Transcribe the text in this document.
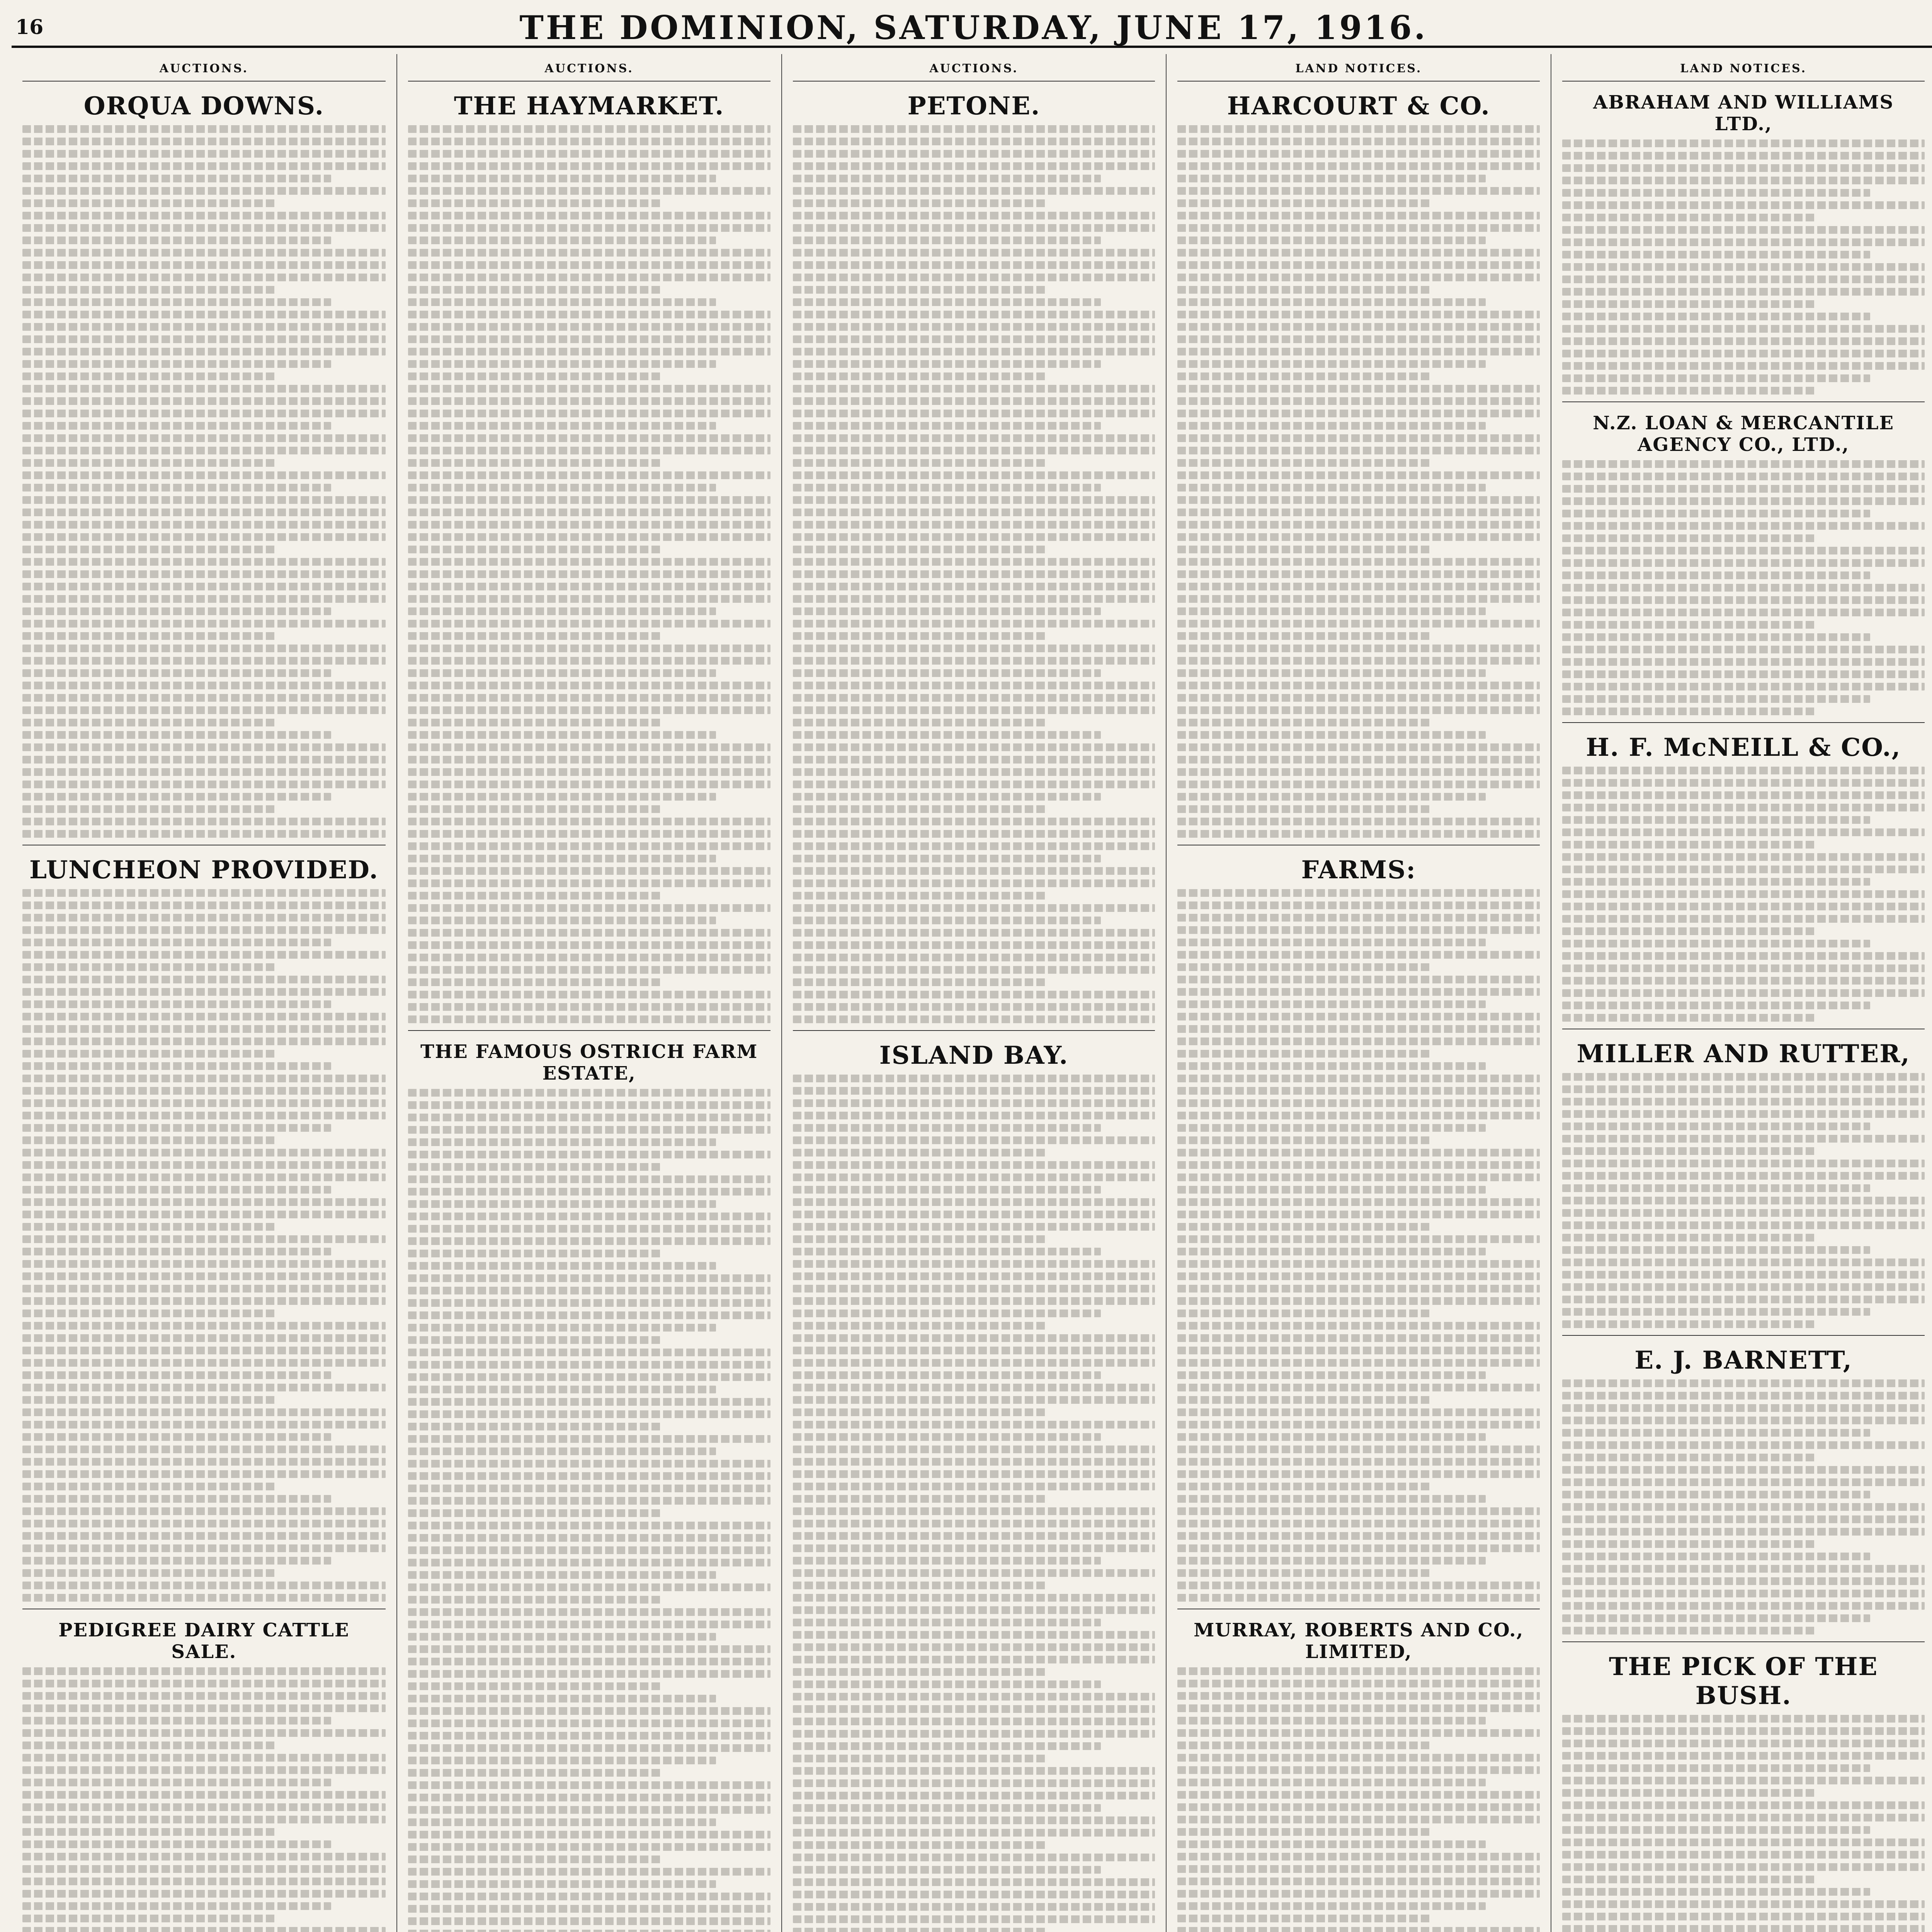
16	THE DOMINION, SATURDAY, JUNE 17, 1916.
AUCTIONS.
ORQUA DOWNS.
LUNCHEON PROVIDED.
PEDIGREE DAIRY CATTLE SALE.
AUCTIONS.
THE HAYMARKET.
THE FAMOUS OSTRICH FARM ESTATE,
AUCTIONS.
PETONE.
ISLAND BAY.
LAND NOTICES.
HARCOURT & CO.
FARMS:
MURRAY, ROBERTS AND CO., LIMITED,
LAND NOTICES.
ABRAHAM AND WILLIAMS LTD.,
N.Z. LOAN & MERCANTILE AGENCY CO., LTD.,
H. F. McNEILL & CO.,
MILLER AND RUTTER,
E. J. BARNETT,
THE PICK OF THE BUSH.
